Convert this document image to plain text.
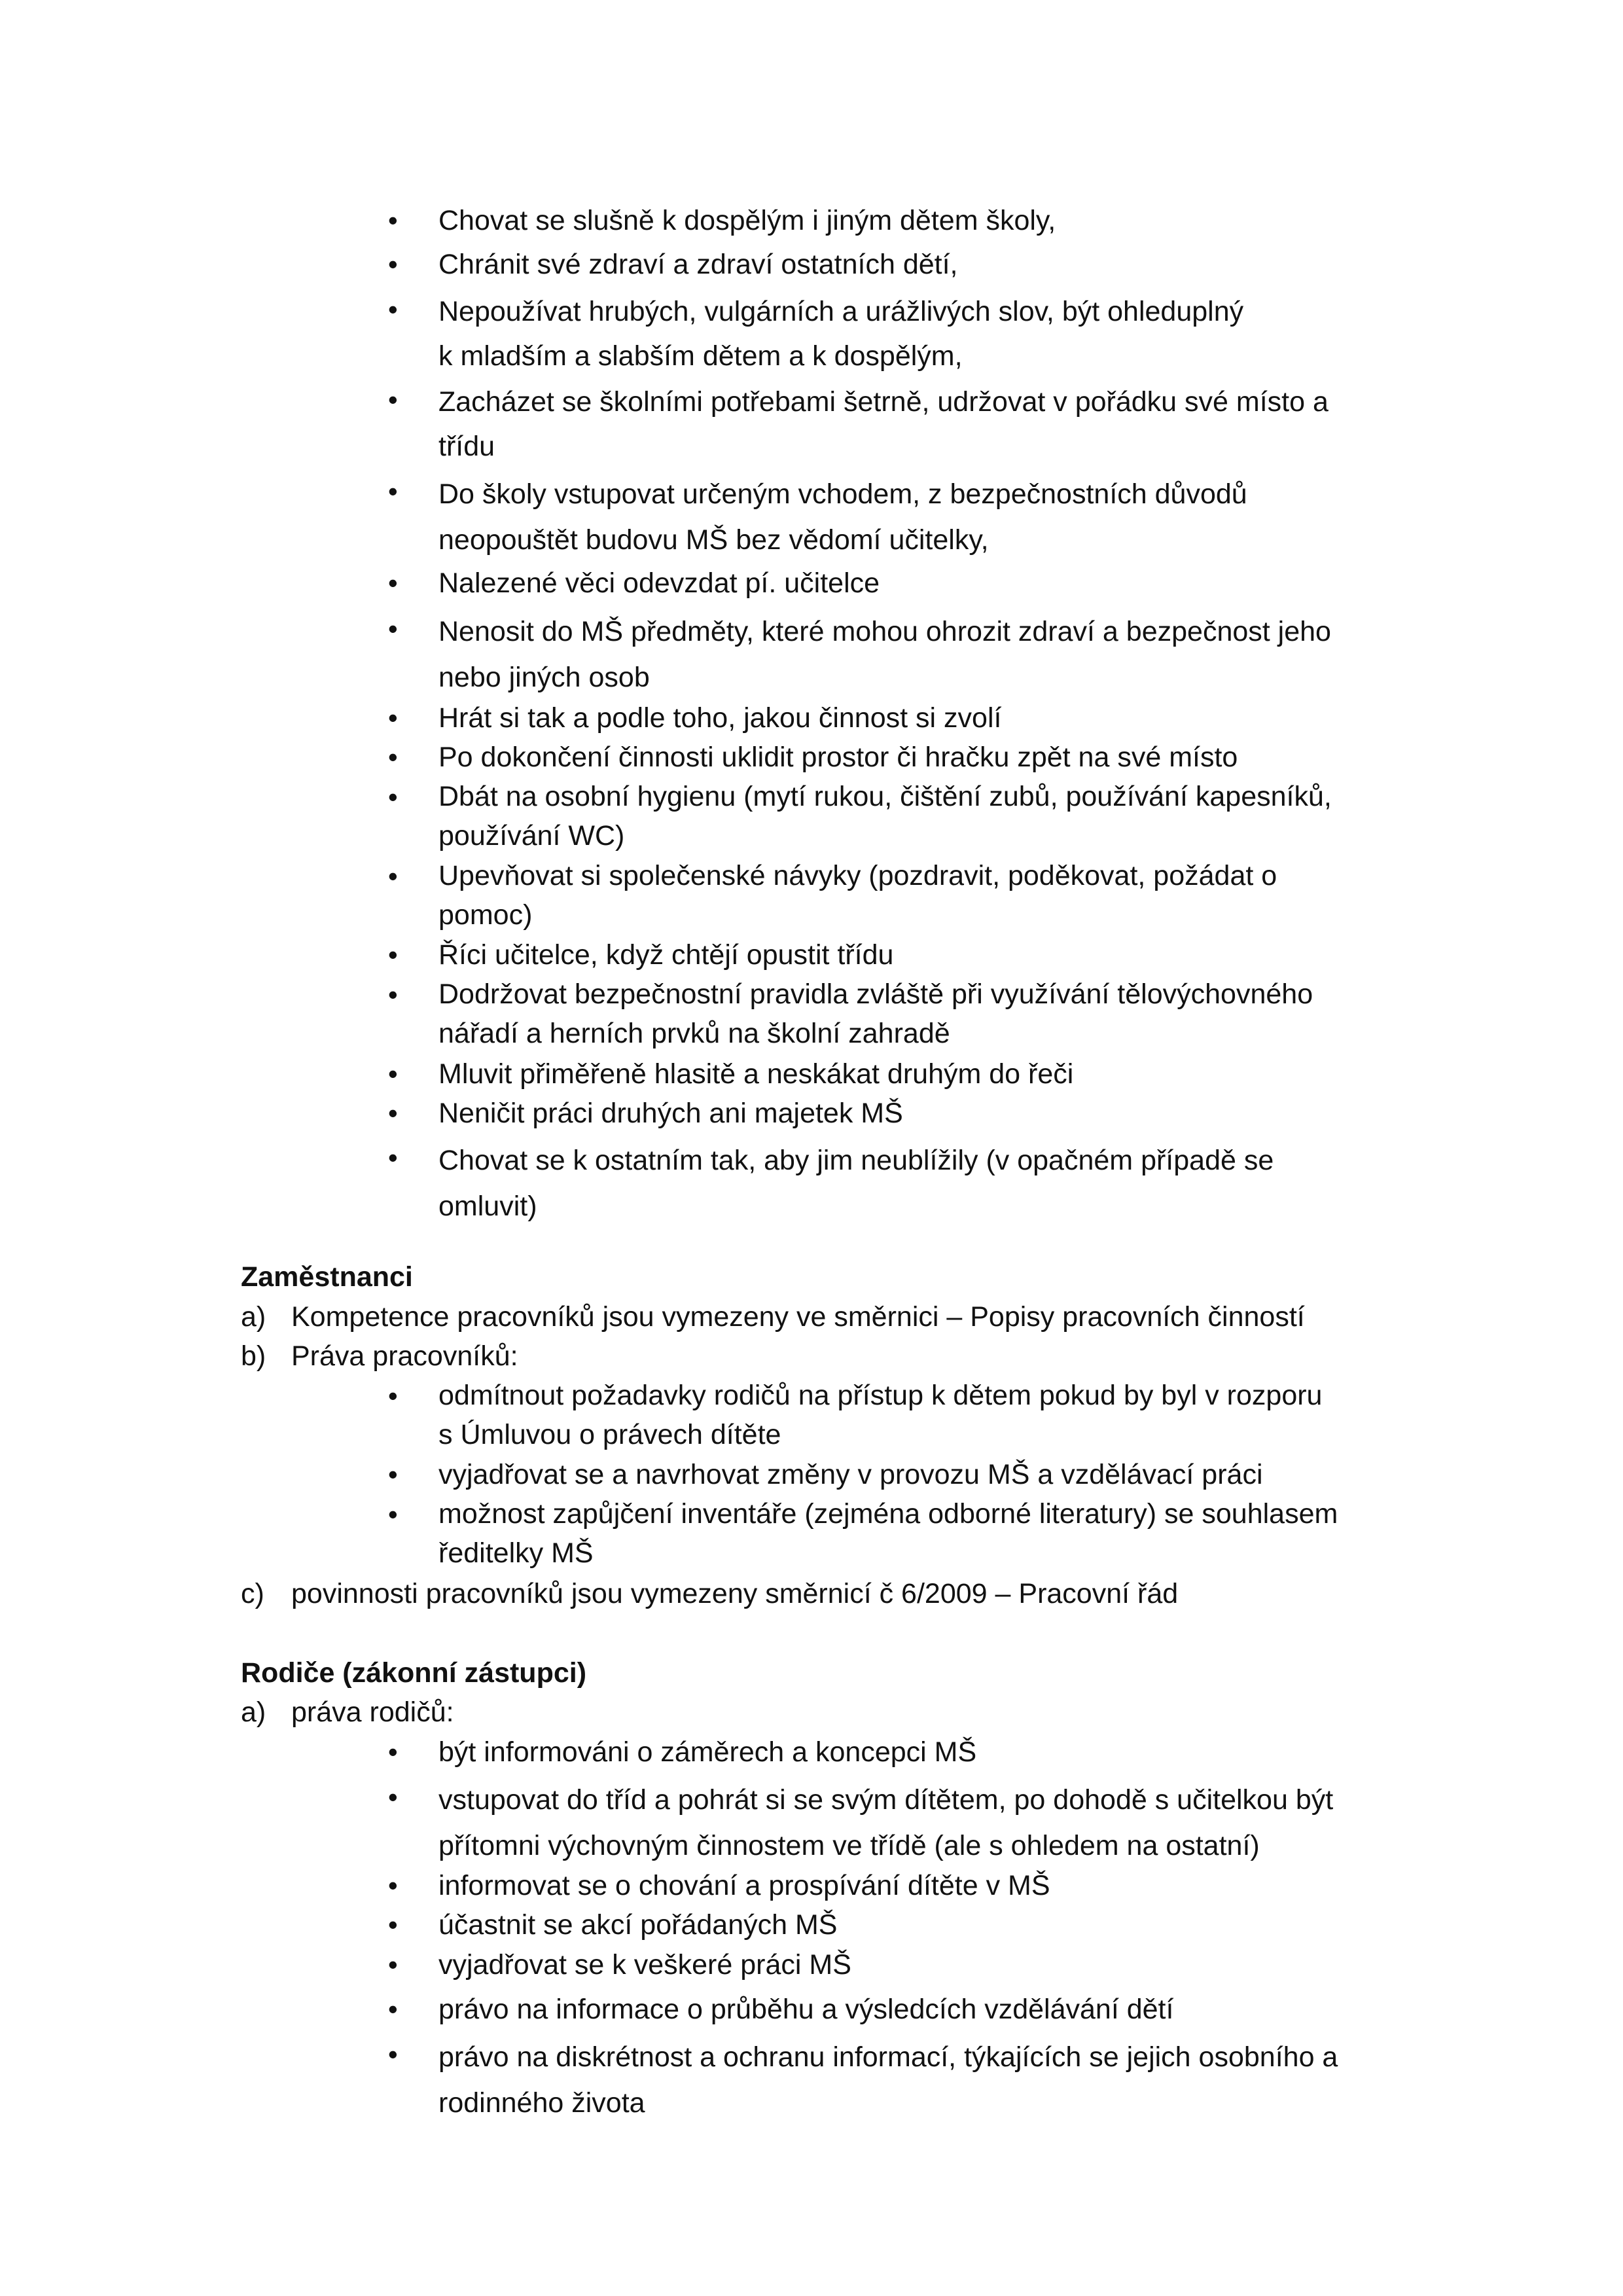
• Chovat se slušně k dospělým i jiným dětem školy,
• Chránit své zdraví a zdraví ostatních dětí,
• Nepoužívat hrubých, vulgárních a urážlivých slov, být ohleduplný
k mladším a slabším dětem a k dospělým,
• Zacházet se školními potřebami šetrně, udržovat v pořádku své místo a
třídu
• Do školy vstupovat určeným vchodem, z bezpečnostních důvodů
neopouštět budovu MŠ bez vědomí učitelky,
• Nalezené věci odevzdat pí. učitelce
• Nenosit do MŠ předměty, které mohou ohrozit zdraví a bezpečnost jeho
nebo jiných osob
• Hrát si tak a podle toho, jakou činnost si zvolí
• Po dokončení činnosti uklidit prostor či hračku zpět na své místo
• Dbát na osobní hygienu (mytí rukou, čištění zubů, používání kapesníků,
používání WC)
• Upevňovat si společenské návyky (pozdravit, poděkovat, požádat o
pomoc)
• Říci učitelce, když chtějí opustit třídu
• Dodržovat bezpečnostní pravidla zvláště při využívání tělovýchovného
nářadí a herních prvků na školní zahradě
• Mluvit přiměřeně hlasitě a neskákat druhým do řeči
• Neničit práci druhých ani majetek MŠ
• Chovat se k ostatním tak, aby jim neublížily (v opačném případě se
omluvit)
Zaměstnanci
a) Kompetence pracovníků jsou vymezeny ve směrnici – Popisy pracovních činností
b) Práva pracovníků:
• odmítnout požadavky rodičů na přístup k dětem pokud by byl v rozporu
s Úmluvou o právech dítěte
• vyjadřovat se a navrhovat změny v provozu MŠ a vzdělávací práci
• možnost zapůjčení inventáře (zejména odborné literatury) se souhlasem
ředitelky MŠ
c) povinnosti pracovníků jsou vymezeny směrnicí č 6/2009 – Pracovní řád
Rodiče (zákonní zástupci)
a) práva rodičů:
• být informováni o záměrech a koncepci MŠ
• vstupovat do tříd a pohrát si se svým dítětem, po dohodě s učitelkou být
přítomni výchovným činnostem ve třídě (ale s ohledem na ostatní)
• informovat se o chování a prospívání dítěte v MŠ
• účastnit se akcí pořádaných MŠ
• vyjadřovat se k veškeré práci MŠ
• právo na informace o průběhu a výsledcích vzdělávání dětí
• právo na diskrétnost a ochranu informací, týkajících se jejich osobního a
rodinného života
